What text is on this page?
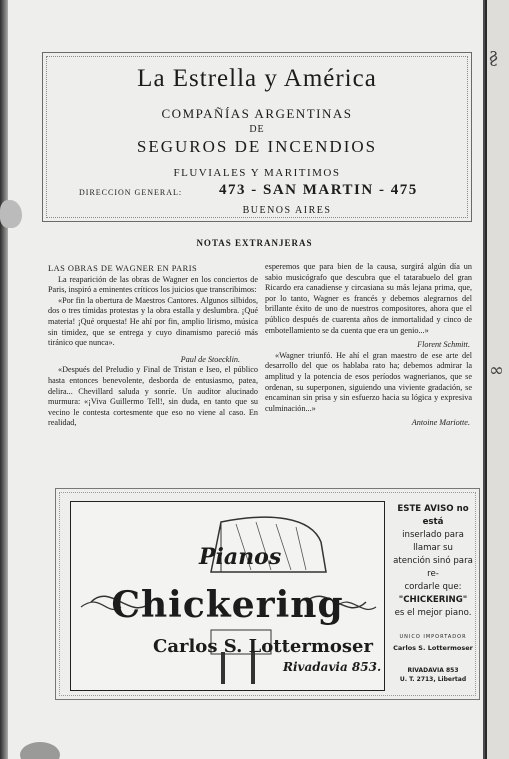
§
∞
La Estrella y América
COMPAÑÍAS ARGENTINAS
DE
SEGUROS DE INCENDIOS
FLUVIALES Y MARITIMOS
DIRECCION GENERAL: 473 - SAN MARTIN - 475
BUENOS AIRES
NOTAS EXTRANJERAS

LAS OBRAS DE WAGNER EN PARIS

La reaparición de las obras de Wagner en los conciertos de Paris, inspiró a eminentes críticos los juicios que transcribimos:

«Por fin la obertura de Maestros Cantores. Algunos silbidos, dos o tres tímidas protestas y la obra estalla y deslumbra. ¡Qué materia! ¡Qué orquesta! He ahí por fin, amplio lirismo, música sin timidez, que se entrega y cuyo dinamismo pareció más tiránico que nunca».

Paul de Stoecklin.

«Después del Preludio y Final de Tristan e Iseo, el público hasta entonces benevolente, desborda de entusiasmo, patea, delira... Chevillard saluda y sonríe. Un auditor alucinado murmura: «¡Viva Guillermo Tell!, sin duda, en tanto que su vecino le contesta cortesmente que eso no viene al caso. En realidad,

esperemos que para bien de la causa, surgirá algún día un sabio musicógrafo que descubra que el tatarabuelo del gran Ricardo era canadiense y circasiana su más lejana prima, que, por lo tanto, Wagner es francés y debemos alegrarnos del brillante éxito de uno de nuestros compositores, ahora que el público después de cuarenta años de inmortalidad y cinco de embotellamiento se da cuenta que era un genio...»

Florent Schmitt.

«Wagner triunfó. He ahí el gran maestro de ese arte del desarrollo del que os hablaba rato ha; debemos admirar la amplitud y la potencia de esos períodos wagnerianos, que se ordenan, su superponen, siguiendo una viviente gradación, se encaminan sin prisa y sin esfuerzo hacia su lógica y expresiva culminación...»

Antoine Mariotte.

Pianos
Chickering
Carlos S. Lottermoser
Rivadavia 853.
ESTE AVISO no está
inserlado para llamar su
atención sinó para re-
cordarle que:
"CHICKERING"
es el mejor piano.
UNICO IMPORTADOR
Carlos S. Lottermoser
RIVADAVIA 853
U. T. 2713, Libertad
